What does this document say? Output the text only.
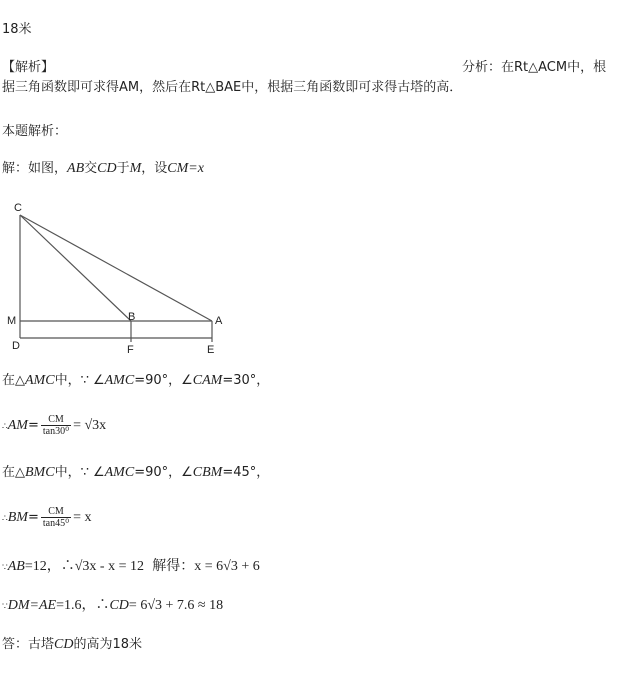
18米
【解析】	分析：在Rt△ACM中，根
据三角函数即可求得AM，然后在Rt△BAE中，根据三角函数即可求得古塔的高．
本题解析：
解：如图，AB交CD于M，设CM=x
C
M	B	A
D	F	E
在△AMC中，∵ ∠AMC=90°，∠CAM=30°，
∴AM= $\frac{CM}{\text{tan30⁰}} = √3x$
在△BMC中，∵ ∠AMC=90°，∠CBM=45°，
∴BM= $\frac{CM}{\text{tan45⁰}} = x$
∵AB=12，∴√3x - x = 12 解得：x = 6√3 + 6
∵DM=AE=1.6，∴CD= 6√3 + 7.6 ≈ 18
答：古塔CD的高为18米
